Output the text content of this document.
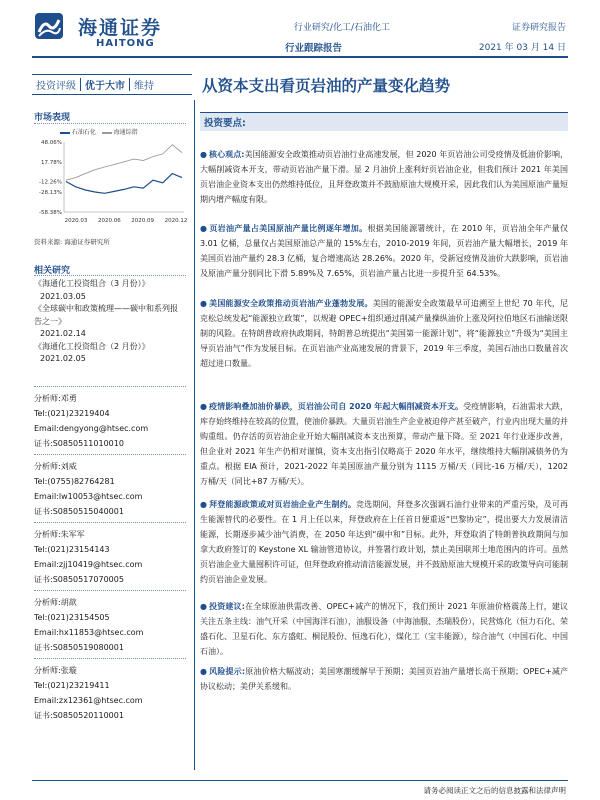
海通证券
HAITONG
行业研究/化工/石油化工
行业跟踪报告
证券研究报告
2021 年 03 月 14 日
投资评级 优于大市 维持	从资本支出看页岩油的产量变化趋势
市场表现
石油石化	海通综指
48.06%
17.78%
-12.26%
-28.13%
-58.38%
2020.03 2020.06 2020.09 2020.12
资料来源: 海通证券研究所
相关研究
《海通化工投资组合（3 月份）》
2021.03.05
《全球碳中和政策梳理——碳中和系列报告之一》
2021.02.14
《海通化工投资组合（2 月份）》
2021.02.05
分析师:邓勇
Tel:(021)23219404
Email:dengyong@htsec.com
证书:S0850511010010
分析师:刘威
Tel:(0755)82764281
Email:lw10053@htsec.com
证书:S0850515040001
分析师:朱军军
Tel:(021)23154143
Email:zjj10419@htsec.com
证书:S0850517070005
分析师:胡歆
Tel:(021)23154505
Email:hx11853@htsec.com
证书:S0850519080001
分析师:张璇
Tel:(021)23219411
Email:zx12361@htsec.com
证书:S0850520110001
投资要点:
● 核心观点:美国能源安全政策推动页岩油行业高速发展，但 2020 年页岩油公司受疫情及低油价影响，大幅削减资本开支，带动页岩油产量下滑。显 2 月油价上涨利好页岩油企业，但我们预计 2021 年美国页岩油企业资本支出仍然维持低位，且拜登政策并不鼓励原油大规模开采，因此我们认为美国原油产量短期内增产幅度有限。
● 页岩油产量占美国原油产量比例逐年增加。根据美国能源署统计，在 2010 年，页岩油全年产量仅 3.01 亿桶，总量仅占美国原油总产量的 15%左右，2010-2019 年间，页岩油产量大幅增长，2019 年美国页岩油产量约 28.3 亿桶，复合增速高达 28.26%。2020 年，受新冠疫情及油价大跌影响，页岩油及原油产量分别同比下滑 5.89%及 7.65%，页岩油产量占比进一步提升至 64.53%。
● 美国能源安全政策推动页岩油产业蓬勃发展。美国的能源安全政策最早可追溯至上世纪 70 年代，尼克松总统发起“能源独立政策”，以规避 OPEC+组织通过削减产量操纵油价上涨及阿拉伯地区石油输送限制的风险。在特朗普政府执政期间，特朗普总统提出“美国第一能源计划”，将“能源独立”升级为“美国主导页岩油气”作为发展目标。在页岩油产业高速发展的背景下，2019 年三季度，美国石油出口数量首次超过进口数量。
● 疫情影响叠加油价暴跌，页岩油公司自 2020 年起大幅削减资本开支。受疫情影响，石油需求大跌，库存始终维持在较高的位置，使油价暴跌。大量页岩油生产企业被迫停产甚至破产，行业内出现大量的并购重组。仍存活的页岩油企业开始大幅削减资本支出预算，带动产量下降。至 2021 年行业逐步改善，但企业对 2021 年生产仍相对谨慎，资本支出指引仅略高于 2020 年水平，继续维持大幅削减债务仍为重点。根据 EIA 预计，2021-2022 年美国原油产量分别为 1115 万桶/天（同比-16 万桶/天），1202 万桶/天（同比+87 万桶/天）。
● 拜登能源政策或对页岩油企业产生制约。竞选期间，拜登多次强调石油行业带来的严重污染，及可再生能源替代的必要性。在 1 月上任以来，拜登政府在上任首日便重返“巴黎协定”，提出要大力发展清洁能源，长期逐步减少油气消费，在 2050 年达到“碳中和”目标。此外，拜登取消了特朗普执政期间与加拿大政府签订的 Keystone XL 输油管道协议，并签署行政计划，禁止美国联邦土地范围内的许可。虽然页岩油企业大量囤积许可证，但拜登政府推动清洁能源发展，并不鼓励原油大规模开采的政策导向可能制约页岩油企业发展。
● 投资建议:在全球原油供需改善、OPEC+减产的情况下，我们预计 2021 年原油价格震荡上行，建议关注五条主线：油气开采（中国海洋石油），油服设备（中海油服、杰瑞股份），民营炼化（恒力石化、荣盛石化、卫星石化、东方盛虹、桐昆股份、恒逸石化），煤化工（宝丰能源），综合油气（中国石化、中国石油）。
● 风险提示:原油价格大幅波动；美国寒潮缓解早于预期；美国页岩油产量增长高于预期；OPEC+减产协议松动；美伊关系缓和。
请务必阅读正文之后的信息披露和法律声明
